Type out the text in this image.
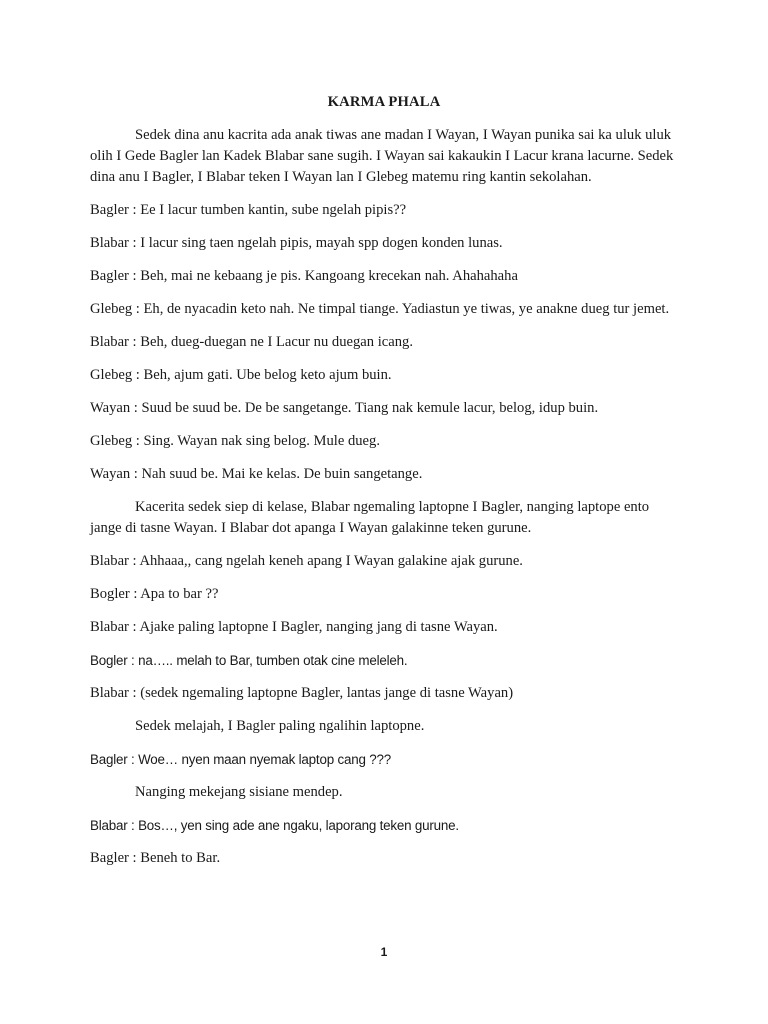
KARMA PHALA

Sedek dina anu kacrita ada anak tiwas ane madan I Wayan, I Wayan punika sai ka uluk uluk olih I Gede Bagler lan Kadek Blabar sane sugih. I Wayan sai kakaukin I Lacur krana lacurne. Sedek dina anu I Bagler, I Blabar teken I Wayan lan I Glebeg matemu ring kantin sekolahan.

Bagler : Ee I lacur tumben kantin, sube ngelah pipis??

Blabar : I lacur sing taen ngelah pipis, mayah spp dogen konden lunas.

Bagler : Beh, mai ne kebaang je pis. Kangoang krecekan nah. Ahahahaha

Glebeg : Eh, de nyacadin keto nah. Ne timpal tiange. Yadiastun ye tiwas, ye anakne dueg tur jemet.

Blabar : Beh, dueg-duegan ne I Lacur nu duegan icang.

Glebeg : Beh, ajum gati. Ube belog keto ajum buin.

Wayan : Suud be suud be. De be sangetange. Tiang nak kemule lacur, belog, idup buin.

Glebeg : Sing. Wayan nak sing belog. Mule dueg.

Wayan : Nah suud be. Mai ke kelas. De buin sangetange.

Kacerita sedek siep di kelase, Blabar ngemaling laptopne I Bagler, nanging laptope ento jange di tasne Wayan. I Blabar dot apanga I Wayan galakinne teken gurune.

Blabar : Ahhaaa,, cang ngelah keneh apang I Wayan galakine ajak gurune.

Bogler : Apa to bar ??

Blabar : Ajake paling laptopne I Bagler, nanging jang di tasne Wayan.

Bogler : na….. melah to Bar, tumben otak cine meleleh.

Blabar : (sedek ngemaling laptopne Bagler, lantas jange di tasne Wayan)

Sedek melajah, I Bagler paling ngalihin laptopne.

Bagler : Woe… nyen maan nyemak laptop cang ???

Nanging mekejang sisiane mendep.

Blabar : Bos…, yen sing ade ane ngaku, laporang teken gurune.

Bagler : Beneh to Bar.

1
